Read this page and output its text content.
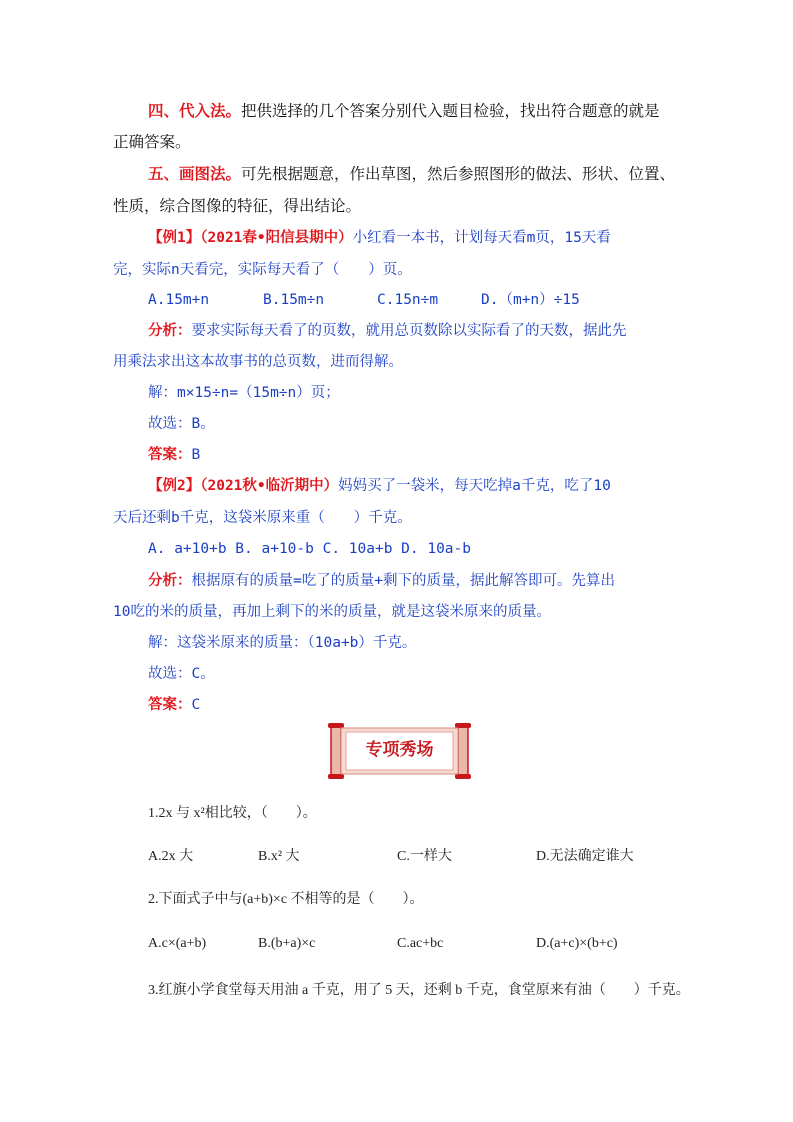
四、代入法。把供选择的几个答案分别代入题目检验，找出符合题意的就是
正确答案。
五、画图法。可先根据题意，作出草图，然后参照图形的做法、形状、位置、
性质，综合图像的特征，得出结论。
【例1】（2021春•阳信县期中）小红看一本书，计划每天看m页，15天看
完，实际n天看完，实际每天看了（　　）页。
A.15m+n	B.15m÷n	C.15n÷m	D.（m+n）÷15
分析：要求实际每天看了的页数，就用总页数除以实际看了的天数，据此先
用乘法求出这本故事书的总页数，进而得解。
解：m×15÷n=（15m÷n）页；
故选：B。
答案：B
【例2】（2021秋•临沂期中）妈妈买了一袋米，每天吃掉a千克，吃了10
天后还剩b千克，这袋米原来重（　　）千克。
A. a+10+b B. a+10-b C. 10a+b D. 10a-b
分析：根据原有的质量=吃了的质量+剩下的质量，据此解答即可。先算出
10吃的米的质量，再加上剩下的米的质量，就是这袋米原来的质量。
解：这袋米原来的质量：（10a+b）千克。
故选：C。
答案：C
专项秀场
1.2x 与 x²相比较，（　　）。
A.2x 大	B.x² 大	C.一样大	D.无法确定谁大
2.下面式子中与(a+b)×c 不相等的是（　　）。
A.c×(a+b)	B.(b+a)×c	C.ac+bc	D.(a+c)×(b+c)
3.红旗小学食堂每天用油 a 千克，用了 5 天，还剩 b 千克，食堂原来有油（　　）千克。
